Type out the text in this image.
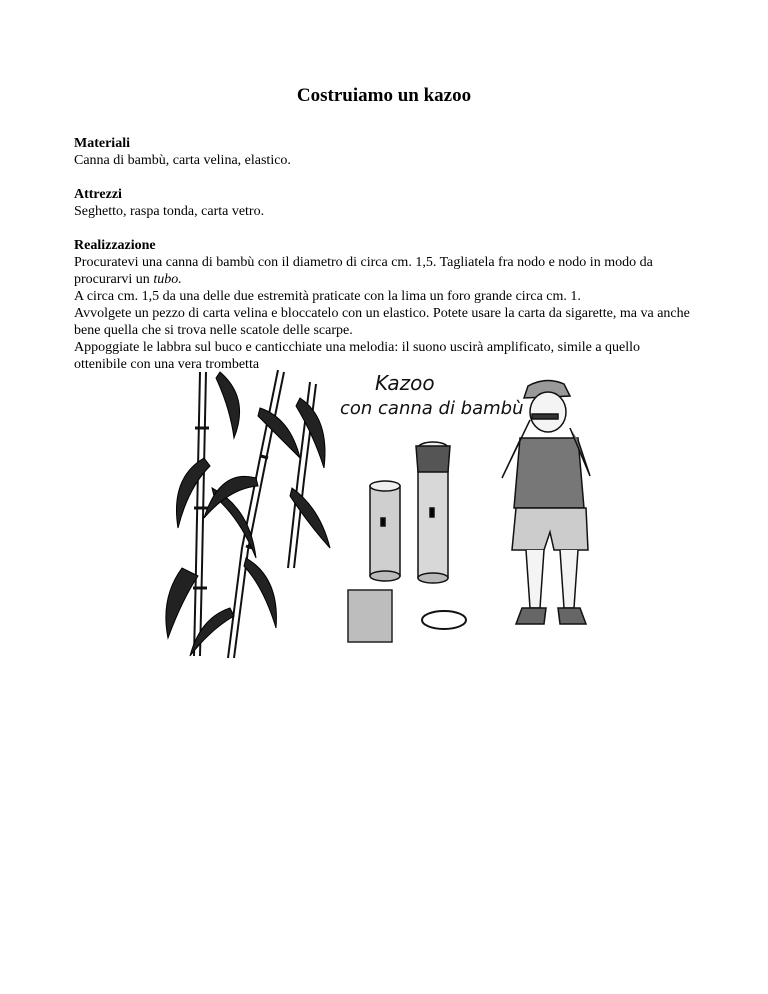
Costruiamo un kazoo
Materiali

Canna di bambù, carta velina, elastico.

Attrezzi

Seghetto, raspa tonda, carta vetro.

Realizzazione

Procuratevi una canna di bambù con il diametro di circa cm. 1,5. Tagliatela fra nodo e nodo in modo da procurarvi un tubo.

A circa cm. 1,5 da una delle due estremità praticate con la lima un foro grande circa cm. 1.

Avvolgete un pezzo di carta velina e bloccatelo con un elastico. Potete usare la carta da sigarette, ma va anche bene quella che si trova nelle scatole delle scarpe.

Appoggiate le labbra sul buco e canticchiate una melodia: il suono uscirà amplificato, simile a quello ottenibile con una vera trombetta

Kazoo
con canna di bambù
